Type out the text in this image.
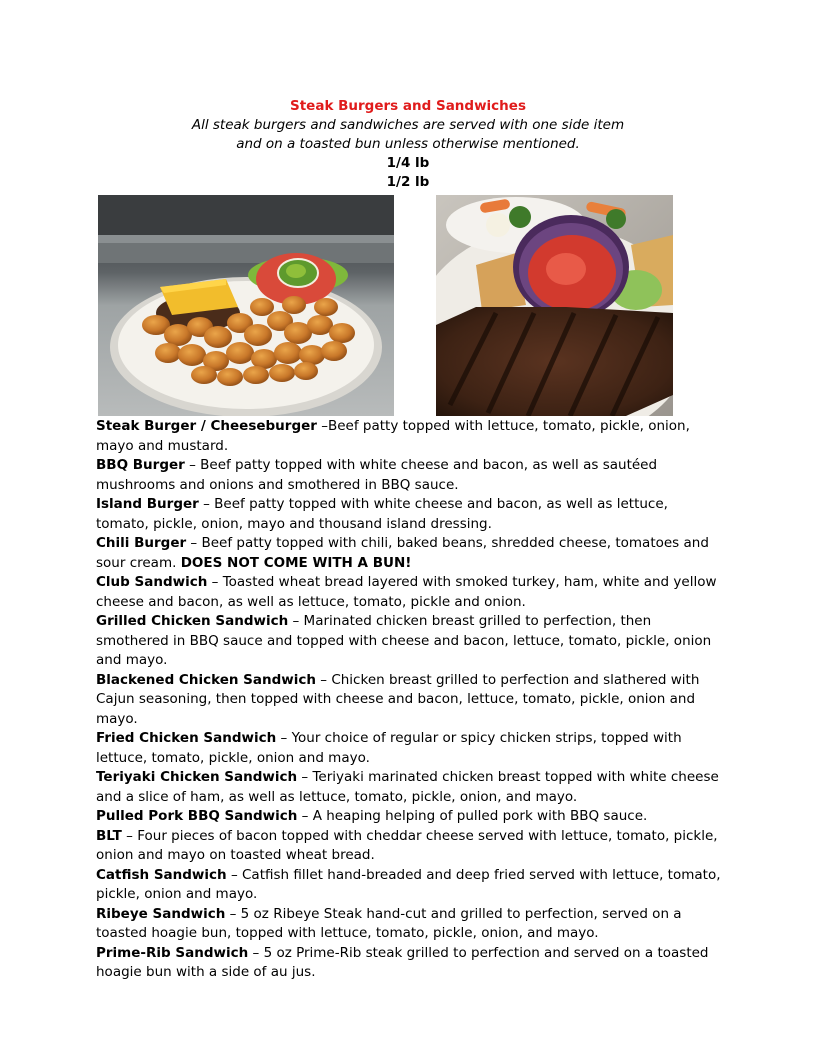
Steak Burgers and Sandwiches
All steak burgers and sandwiches are served with one side item
and on a toasted bun unless otherwise mentioned.
1/4 lb
1/2 lb

Steak Burger / Cheeseburger –Beef patty topped with lettuce, tomato, pickle, onion, mayo and mustard.

BBQ Burger – Beef patty topped with white cheese and bacon, as well as sautéed mushrooms and onions and smothered in BBQ sauce.

Island Burger – Beef patty topped with white cheese and bacon, as well as lettuce, tomato, pickle, onion, mayo and thousand island dressing.

Chili Burger – Beef patty topped with chili, baked beans, shredded cheese, tomatoes and sour cream. DOES NOT COME WITH A BUN!

Club Sandwich – Toasted wheat bread layered with smoked turkey, ham, white and yellow cheese and bacon, as well as lettuce, tomato, pickle and onion.

Grilled Chicken Sandwich – Marinated chicken breast grilled to perfection, then smothered in BBQ sauce and topped with cheese and bacon, lettuce, tomato, pickle, onion and mayo.

Blackened Chicken Sandwich – Chicken breast grilled to perfection and slathered with Cajun seasoning, then topped with cheese and bacon, lettuce, tomato, pickle, onion and mayo.

Fried Chicken Sandwich – Your choice of regular or spicy chicken strips, topped with lettuce, tomato, pickle, onion and mayo.

Teriyaki Chicken Sandwich – Teriyaki marinated chicken breast topped with white cheese and a slice of ham, as well as lettuce, tomato, pickle, onion, and mayo.

Pulled Pork BBQ Sandwich – A heaping helping of pulled pork with BBQ sauce.

BLT – Four pieces of bacon topped with cheddar cheese served with lettuce, tomato, pickle, onion and mayo on toasted wheat bread.

Catfish Sandwich – Catfish fillet hand-breaded and deep fried served with lettuce, tomato, pickle, onion and mayo.

Ribeye Sandwich – 5 oz Ribeye Steak hand-cut and grilled to perfection, served on a toasted hoagie bun, topped with lettuce, tomato, pickle, onion, and mayo.

Prime-Rib Sandwich – 5 oz Prime-Rib steak grilled to perfection and served on a toasted hoagie bun with a side of au jus.
